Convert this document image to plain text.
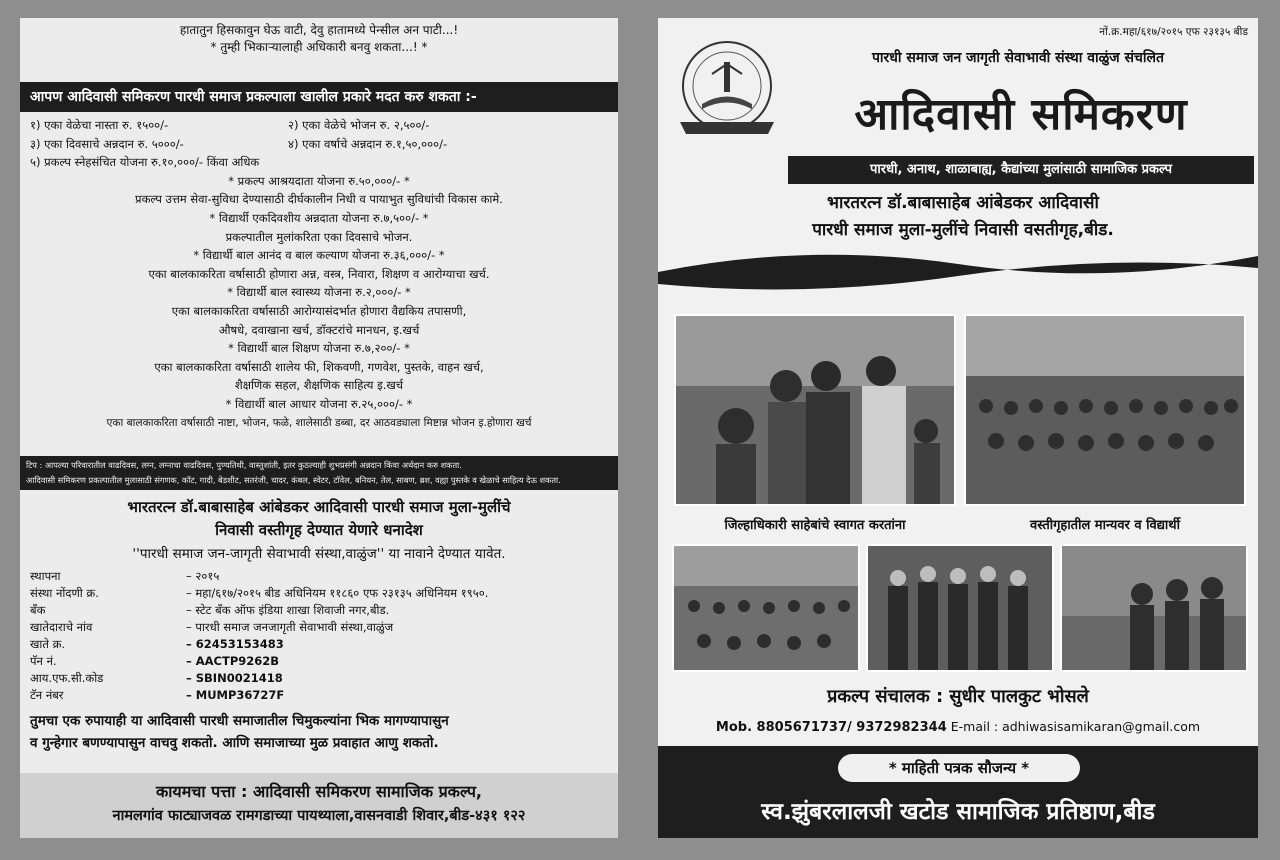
हातातुन हिसकावुन घेऊ वाटी, देवु हातामध्ये पेन्सील अन पाटी...!
* तुम्ही भिकाऱ्यालाही अधिकारी बनवु शकता...! *
आपण आदिवासी समिकरण पारधी समाज प्रकल्पाला खालील प्रकारे मदत करु शकता :-
१) एका वेळेचा नास्ता रु. १५००/-	२) एका वेळेचे भोजन रु. २,५००/-
३) एका दिवसाचे अन्नदान रु. ५०००/-	४) एका वर्षाचे अन्नदान रु.१,५०,०००/-
५) प्रकल्प स्नेहसंचित योजना रु.१०,०००/- किंवा अधिक
* प्रकल्प आश्रयदाता योजना रु.५०,०००/- *
प्रकल्प उत्तम सेवा-सुविधा देण्यासाठी दीर्घकालीन निधी व पायाभुत सुविधांची विकास कामे.
* विद्यार्थी एकदिवशीय अन्नदाता योजना रु.७,५००/- *
प्रकल्पातील मुलांकरिता एका दिवसाचे भोजन.
* विद्यार्थी बाल आनंद व बाल कल्याण योजना रु.३६,०००/- *
एका बालकाकरिता वर्षासाठी होणारा अन्न, वस्त्र, निवारा, शिक्षण व आरोग्याचा खर्च.
* विद्यार्थी बाल स्वास्थ्य योजना रु.२,०००/- *
एका बालकाकरिता वर्षासाठी आरोग्यासंदर्भात होणारा वैद्यकिय तपासणी,
औषधे, दवाखाना खर्च, डॉक्टरांचे मानधन, इ.खर्च
* विद्यार्थी बाल शिक्षण योजना रु.७,२००/- *
एका बालकाकरिता वर्षासाठी शालेय फी, शिकवणी, गणवेश, पुस्तके, वाहन खर्च,
शैक्षणिक सहल, शैक्षणिक साहित्य इ.खर्च
* विद्यार्थी बाल आधार योजना रु.२५,०००/- *
एका बालकाकरिता वर्षासाठी नाष्टा, भोजन, फळे, शालेसाठी डब्बा, दर आठवड्याला मिष्टान्न भोजन इ.होणारा खर्च
टिप : आपल्या परिवारातील वाढदिवस, लग्न, लग्नाचा वाढदिवस, पुण्यतिथी, वास्तुशांती, इतर कुठल्याही शुभप्रसंगी अन्नदान किंवा अर्थदान करु शकता.
आदिवासी समिकरण प्रकल्पातील मुलासाठी संगणक, कॉट, गादी, बेडशीट, सतरंजी, चादर, कंबल, स्वेटर, टॉवेल, बनियन, तेल, साबण, ब्रश, वह्या पुस्तके व खेळाचे साहित्य देऊ शकता.
भारतरत्न डॉ.बाबासाहेब आंबेडकर आदिवासी पारधी समाज मुला-मुलींचे
निवासी वस्तीगृह देण्यात येणारे धनादेश
''पारधी समाज जन-जागृती सेवाभावी संस्था,वाळुंज'' या नावाने देण्यात यावेत.
स्थापना	– २०१५
संस्था नोंदणी क्र.	– महा/६१७/२०१५ बीड अधिनियम ११८६० एफ २३१३५ अधिनियम १९५०.
बँक	– स्टेट बँक ऑफ इंडिया शाखा शिवाजी नगर,बीड.
खातेदाराचे नांव	– पारधी समाज जनजागृती सेवाभावी संस्था,वाळुंज
खाते क्र.	– 62453153483
पॅन नं.	– AACTP9262B
आय.एफ.सी.कोड	– SBIN0021418
टॅन नंबर	– MUMP36727F
तुमचा एक रुपायाही या आदिवासी पारधी समाजातील चिमुकल्यांना भिक मागण्यापासुन
व गुन्हेगार बणण्यापासुन वाचवु शकतो. आणि समाजाच्या मुळ प्रवाहात आणु शकतो.
कायमचा पत्ता : आदिवासी समिकरण सामाजिक प्रकल्प,
नामलगांव फाट्याजवळ रामगडाच्या पायथ्याला,वासनवाडी शिवार,बीड-४३१ १२२
नों.क्र.महा/६१७/२०१५ एफ २३१३५ बीड
पारधी समाज जन जागृती सेवाभावी संस्था वाळुंज संचलित
आदिवासी समिकरण
पारधी, अनाथ, शाळाबाह्य, कैद्यांच्या मुलांसाठी सामाजिक प्रकल्प
भारतरत्न डॉ.बाबासाहेब आंबेडकर आदिवासी
पारधी समाज मुला-मुलींचे निवासी वसतीगृह,बीड.
जिल्हाधिकारी साहेबांचे स्वागत करतांना	वस्तीगृहातील मान्यवर व विद्यार्थी
प्रकल्प संचालक : सुधीर पालकुट भोसले
Mob. 8805671737/ 9372982344 E-mail : adhiwasisamikaran@gmail.com
* माहिती पत्रक सौजन्य *
स्व.झुंबरलालजी खटोड सामाजिक प्रतिष्ठाण,बीड
